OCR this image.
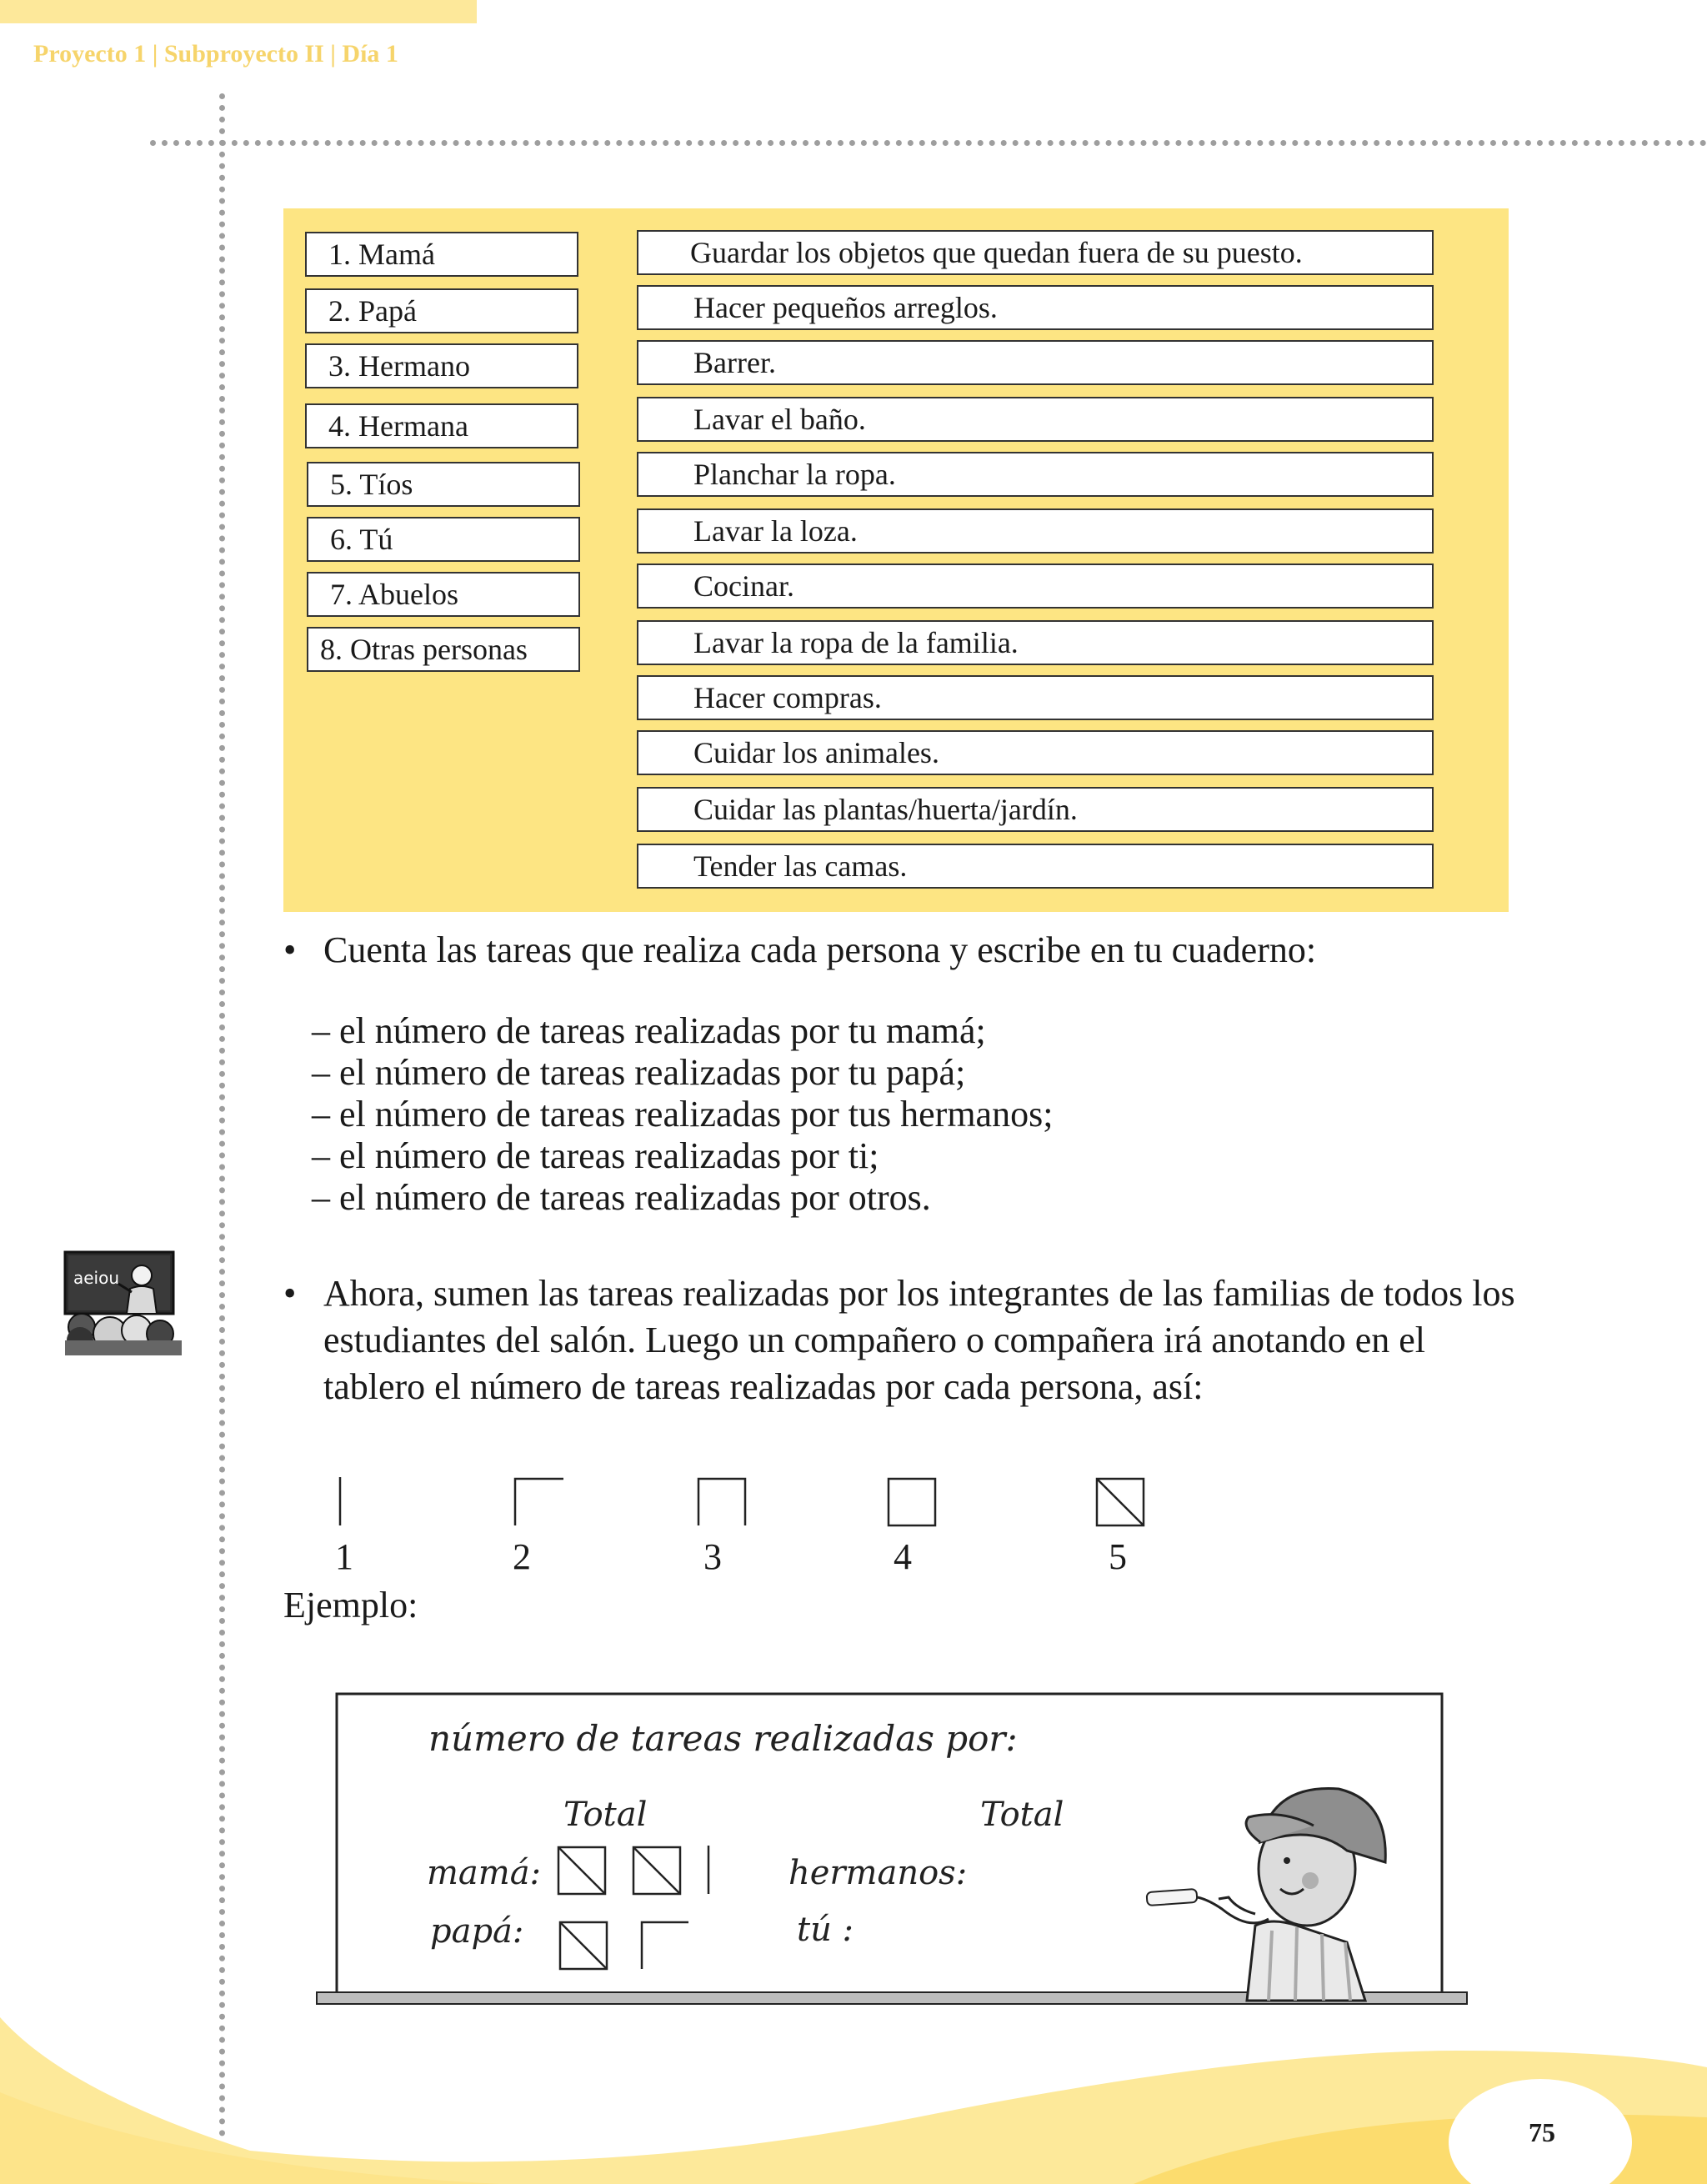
Proyecto 1 | Subproyecto II | Día 1
1. Mamá
2. Papá
3. Hermano
4. Hermana
5. Tíos
6. Tú
7. Abuelos
8. Otras personas
Guardar los objetos que quedan fuera de su puesto.
Hacer pequeños arreglos.
Barrer.
Lavar el baño.
Planchar la ropa.
Lavar la loza.
Cocinar.
Lavar la ropa de la familia.
Hacer compras.
Cuidar los animales.
Cuidar las plantas/huerta/jardín.
Tender las camas.
• Cuenta las tareas que realiza cada persona y escribe en tu cuaderno:
– el número de tareas realizadas por tu mamá;
– el número de tareas realizadas por tu papá;
– el número de tareas realizadas por tus hermanos;
– el número de tareas realizadas por ti;
– el número de tareas realizadas por otros.
aeiou	• Ahora, sumen las tareas realizadas por los integrantes de las familias de todos los estudiantes del salón. Luego un compañero o compañera irá anotando en el tablero el número de tareas realizadas por cada persona, así:
1	2	3	4	5
Ejemplo:
número de tareas realizadas por:
Total	Total
mamá:	hermanos:
papá:	tú :
75
